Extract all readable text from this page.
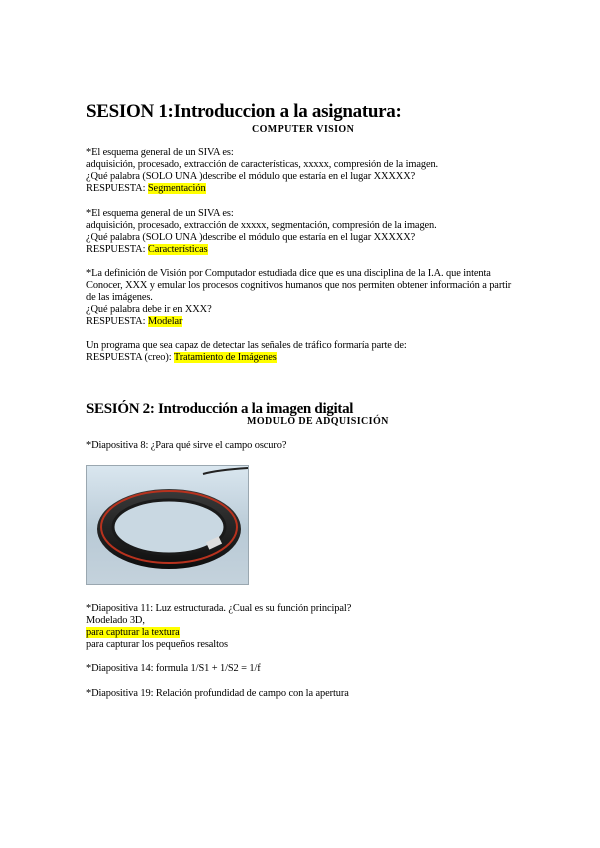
SESION 1:Introduccion a la asignatura:
COMPUTER VISION
*El esquema general de un SIVA es:
adquisición, procesado, extracción de características, xxxxx, compresión de la imagen.
¿Qué palabra (SOLO UNA )describe el módulo que estaría en el lugar XXXXX?
RESPUESTA: Segmentación
*El esquema general de un SIVA es:
adquisición, procesado, extracción de xxxxx, segmentación, compresión de la imagen.
¿Qué palabra (SOLO UNA )describe el módulo que estaría en el lugar XXXXX?
RESPUESTA: Características
*La definición de Visión por Computador estudiada dice que es una disciplina de la I.A. que intenta
Conocer, XXX y emular los procesos cognitivos humanos que nos permiten obtener información a partir
de las imágenes.
¿Qué palabra debe ir en XXX?
RESPUESTA: Modelar
Un programa que sea capaz de detectar las señales de tráfico formaría parte de:
RESPUESTA (creo): Tratamiento de Imágenes
SESIÓN 2: Introducción a la imagen digital
MODULO DE ADQUISICIÓN
*Diapositiva 8: ¿Para qué sirve el campo oscuro?
*Diapositiva 11: Luz estructurada. ¿Cual es su función principal?
Modelado 3D,
para capturar la textura
para capturar los pequeños resaltos
*Diapositiva 14: formula 1/S1 + 1/S2 = 1/f
*Diapositiva 19: Relación profundidad de campo con la apertura
